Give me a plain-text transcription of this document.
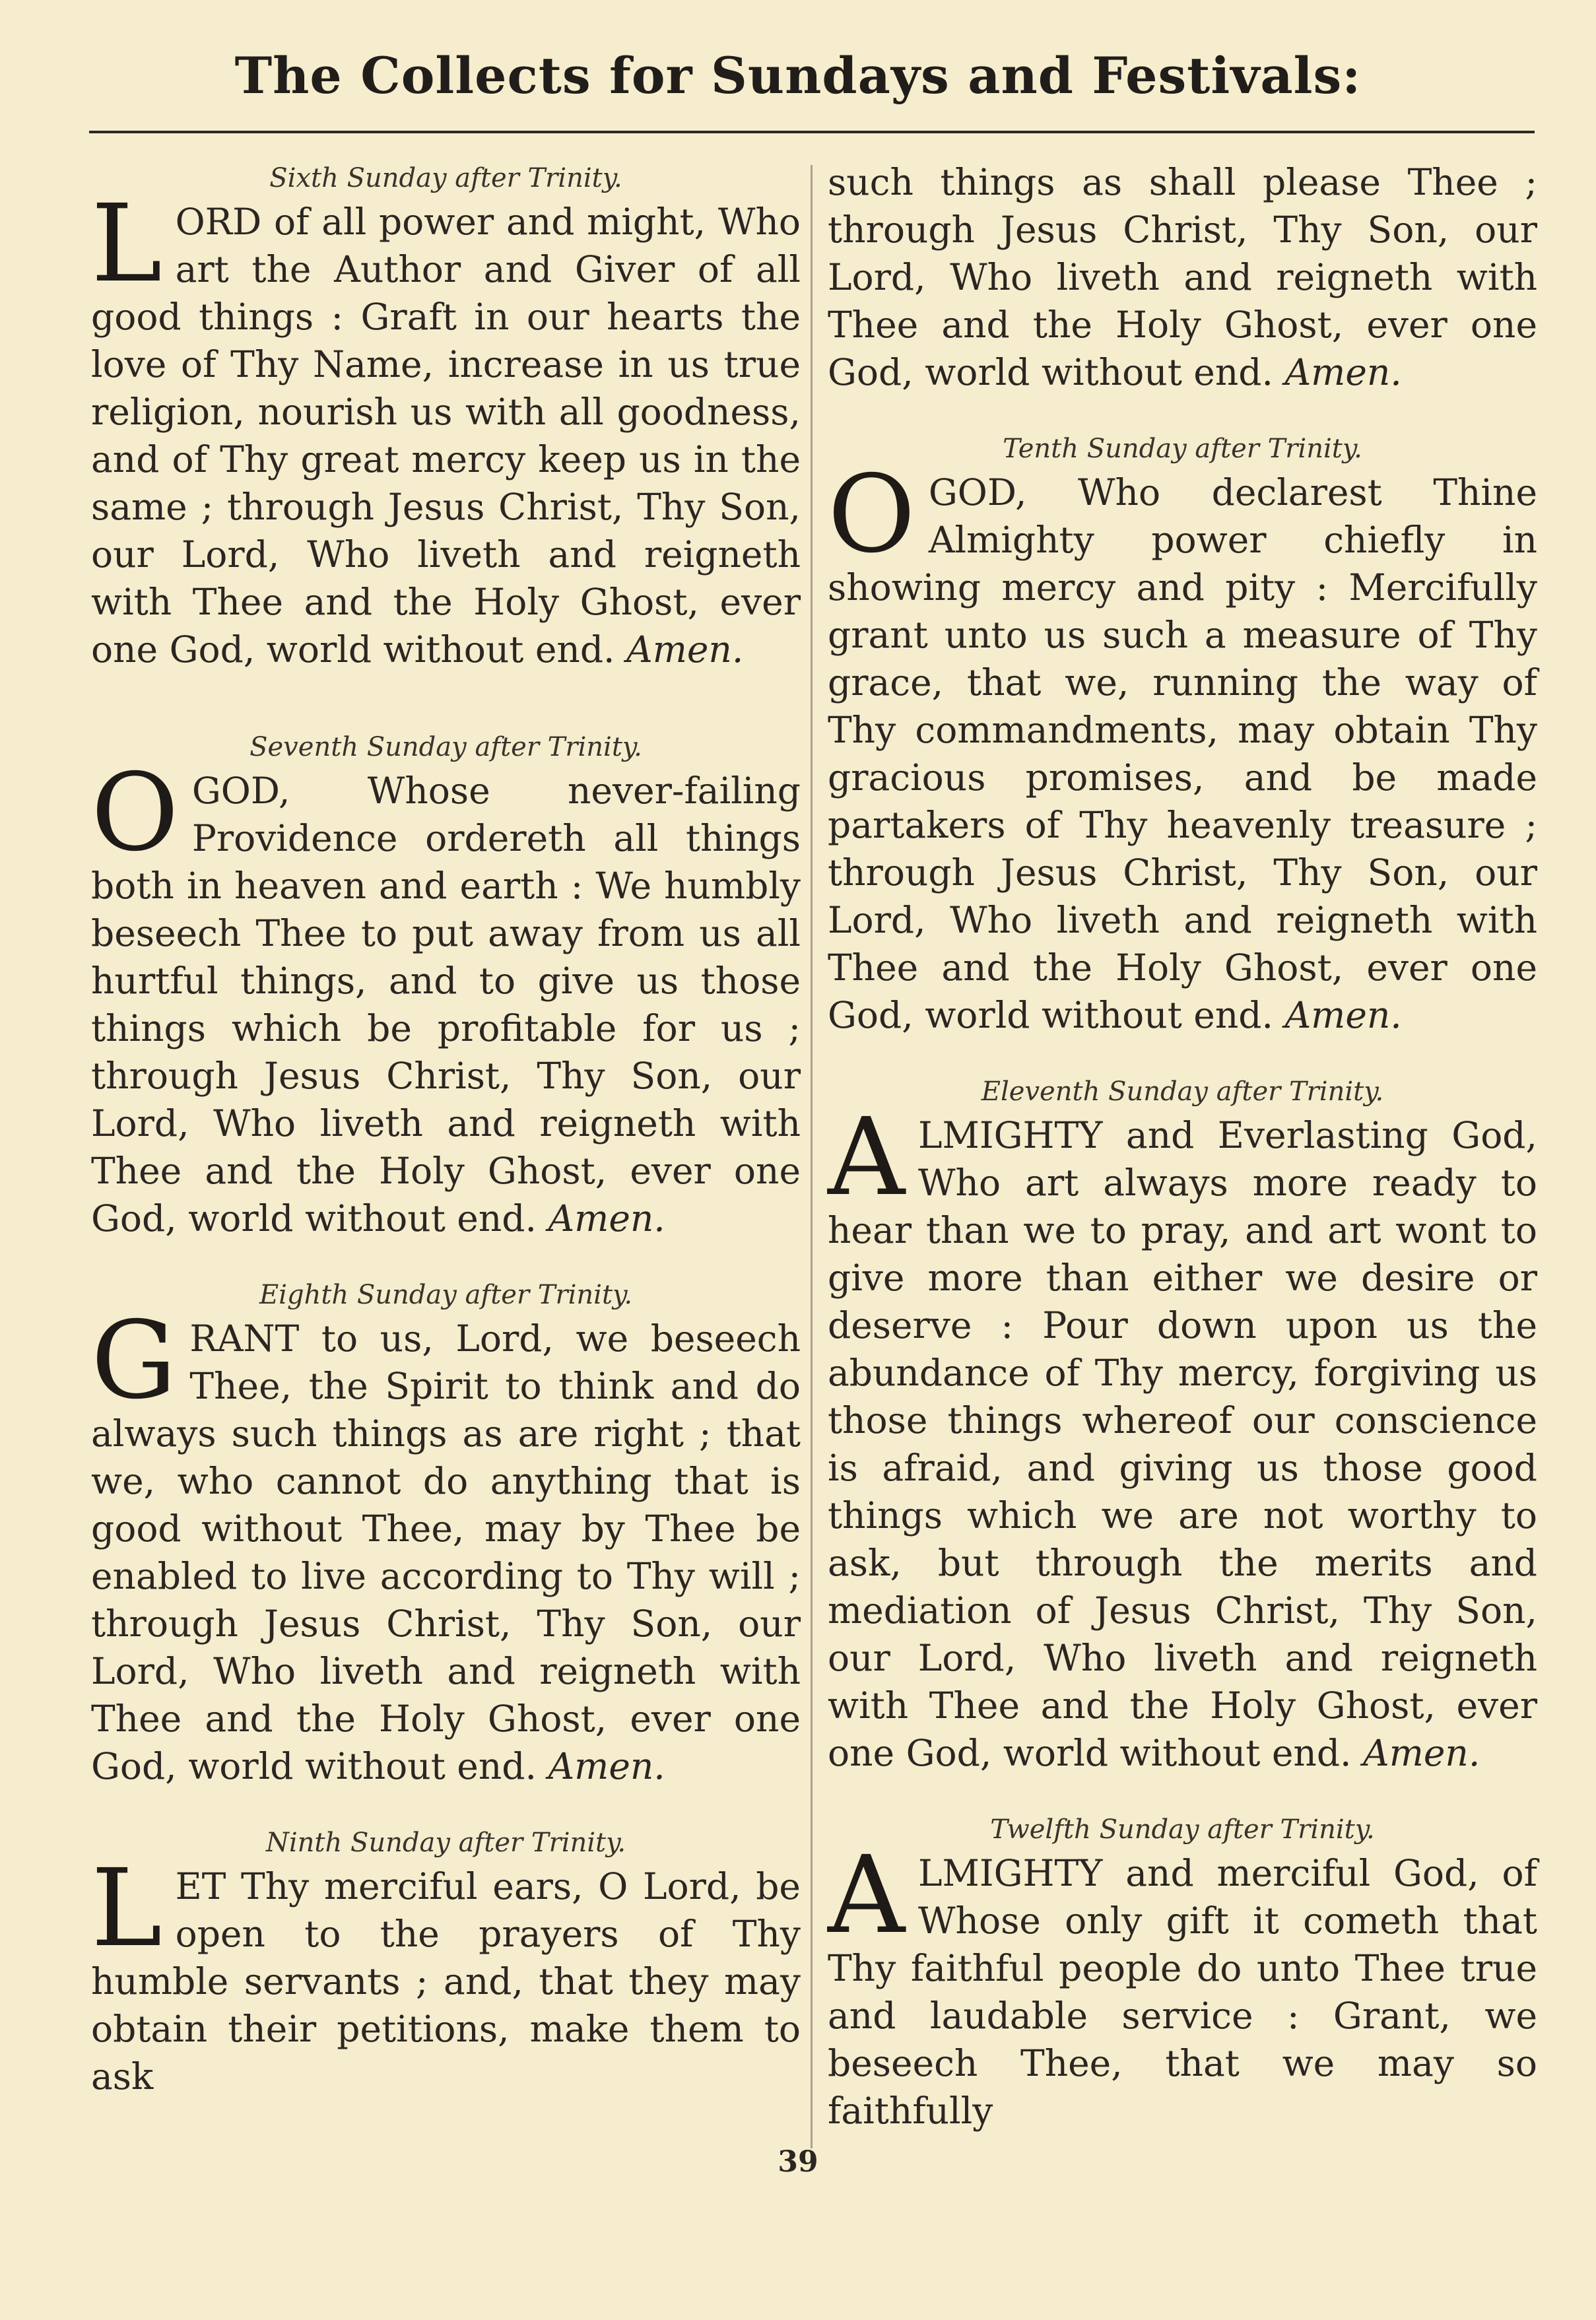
The Collects for Sundays and Festivals:

Sixth Sunday after Trinity.

LORD of all power and might, Who art the Author and Giver of all good things : Graft in our hearts the love of Thy Name, increase in us true religion, nourish us with all goodness, and of Thy great mercy keep us in the same ; through Jesus Christ, Thy Son, our Lord, Who liveth and reigneth with Thee and the Holy Ghost, ever one God, world without end. Amen.

Seventh Sunday after Trinity.

OGOD, Whose never-failing Providence ordereth all things both in heaven and earth : We humbly beseech Thee to put away from us all hurtful things, and to give us those things which be profitable for us ; through Jesus Christ, Thy Son, our Lord, Who liveth and reigneth with Thee and the Holy Ghost, ever one God, world without end. Amen.

Eighth Sunday after Trinity.

GRANT to us, Lord, we beseech Thee, the Spirit to think and do always such things as are right ; that we, who cannot do anything that is good without Thee, may by Thee be enabled to live according to Thy will ; through Jesus Christ, Thy Son, our Lord, Who liveth and reigneth with Thee and the Holy Ghost, ever one God, world without end. Amen.

Ninth Sunday after Trinity.

LET Thy merciful ears, O Lord, be open to the prayers of Thy humble servants ; and, that they may obtain their petitions, make them to ask

such things as shall please Thee ; through Jesus Christ, Thy Son, our Lord, Who liveth and reigneth with Thee and the Holy Ghost, ever one God, world without end. Amen.

Tenth Sunday after Trinity.

OGOD, Who declarest Thine Almighty power chiefly in showing mercy and pity : Mercifully grant unto us such a measure of Thy grace, that we, running the way of Thy commandments, may obtain Thy gracious promises, and be made partakers of Thy heavenly treasure ; through Jesus Christ, Thy Son, our Lord, Who liveth and reigneth with Thee and the Holy Ghost, ever one God, world without end. Amen.

Eleventh Sunday after Trinity.

ALMIGHTY and Everlasting God, Who art always more ready to hear than we to pray, and art wont to give more than either we desire or deserve : Pour down upon us the abundance of Thy mercy, forgiving us those things whereof our conscience is afraid, and giving us those good things which we are not worthy to ask, but through the merits and mediation of Jesus Christ, Thy Son, our Lord, Who liveth and reigneth with Thee and the Holy Ghost, ever one God, world without end. Amen.

Twelfth Sunday after Trinity.

ALMIGHTY and merciful God, of Whose only gift it cometh that Thy faithful people do unto Thee true and laudable service : Grant, we beseech Thee, that we may so faithfully

39
